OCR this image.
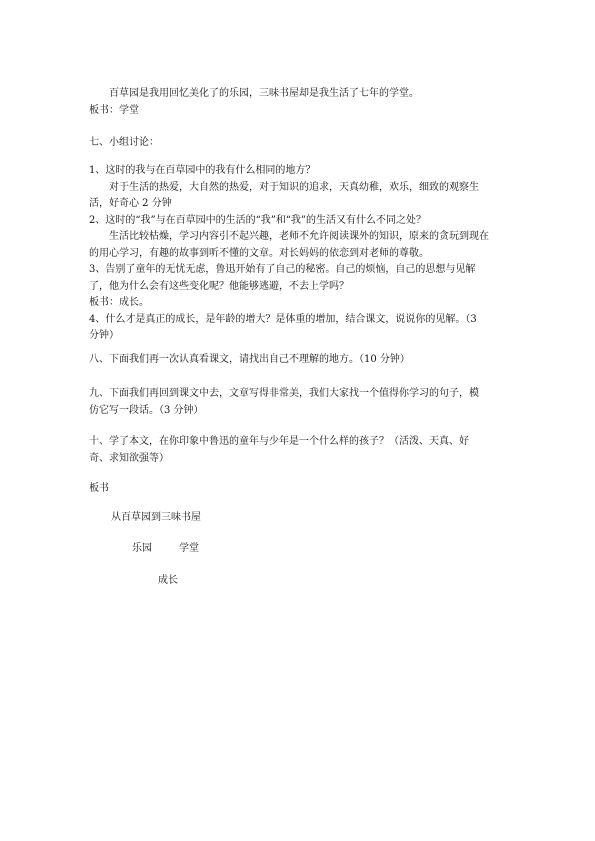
百草园是我用回忆美化了的乐园，三味书屋却是我生活了七年的学堂。
板书：学堂
七、小组讨论：
1、这时的我与在百草园中的我有什么相同的地方？
对于生活的热爱，大自然的热爱，对于知识的追求，天真幼稚，欢乐，细致的观察生
活，好奇心 2 分钟
2、这时的“我”与在百草园中的生活的“我”和“我”的生活又有什么不同之处？
生活比较枯燥，学习内容引不起兴趣，老师不允许阅读课外的知识，原来的贪玩到现在
的用心学习，有趣的故事到听不懂的文章。对长妈妈的依恋到对老师的尊敬。
3、告别了童年的无忧无虑，鲁迅开始有了自己的秘密。自己的烦恼，自己的思想与见解
了，他为什么会有这些变化呢？他能够逃避，不去上学吗？
板书：成长。
4、什么才是真正的成长，是年龄的增大？是体重的增加，结合课文，说说你的见解。（3
分钟）
八、下面我们再一次认真看课文，请找出自己不理解的地方。（10 分钟）
九、下面我们再回到课文中去，文章写得非常美，我们大家找一个值得你学习的句子，模
仿它写一段话。（3 分钟）
十、学了本文，在你印象中鲁迅的童年与少年是一个什么样的孩子？（活泼、天真、好
奇、求知欲强等）
板书
从百草园到三味书屋
乐园	学堂
成长
